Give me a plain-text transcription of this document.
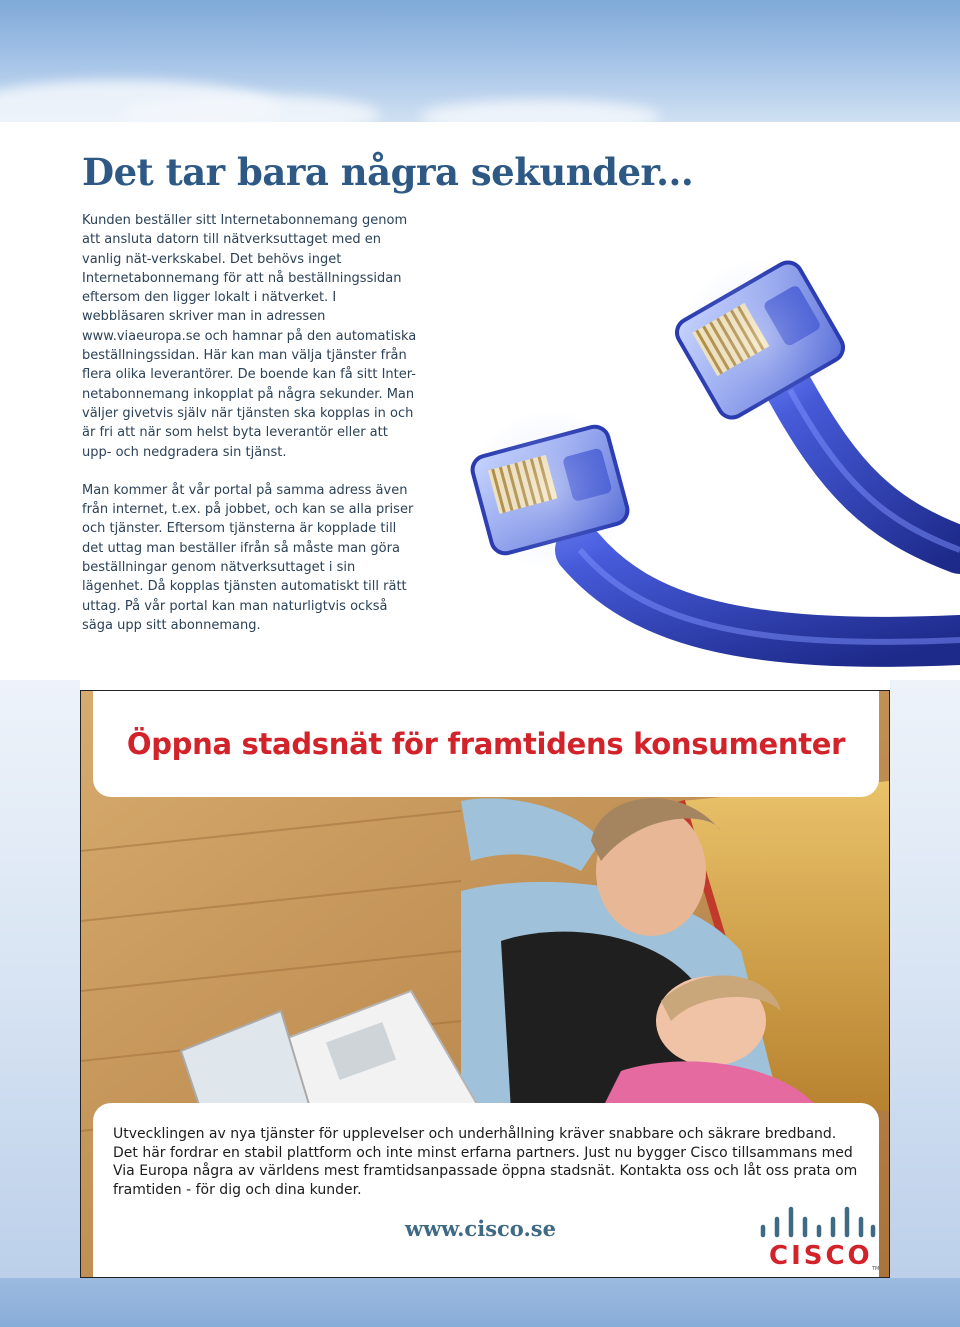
Det tar bara några sekunder...

Kunden beställer sitt Internetabonnemang genom att ansluta datorn till nätverksuttaget med en vanlig nät-verkskabel. Det behövs inget Internetabonnemang för att nå beställningssidan eftersom den ligger lokalt i nätverket. I webbläsaren skriver man in adressen www.viaeuropa.se och hamnar på den automatiska beställningssidan. Här kan man välja tjänster från flera olika leverantörer. De boende kan få sitt Inter-netabonnemang inkopplat på några sekunder. Man väljer givetvis själv när tjänsten ska kopplas in och är fri att när som helst byta leverantör eller att upp- och nedgradera sin tjänst.

Man kommer åt vår portal på samma adress även från internet, t.ex. på jobbet, och kan se alla priser och tjänster. Eftersom tjänsterna är kopplade till det uttag man beställer ifrån så måste man göra beställningar genom nätverksuttaget i sin lägenhet. Då kopplas tjänsten automatiskt till rätt uttag. På vår portal kan man naturligtvis också säga upp sitt abonnemang.

Öppna stadsnät för framtidens konsumenter
Utvecklingen av nya tjänster för upplevelser och underhållning kräver snabbare och säkrare bredband. Det här fordrar en stabil plattform och inte minst erfarna partners. Just nu bygger Cisco tillsammans med Via Europa några av världens mest framtidsanpassade öppna stadsnät. Kontakta oss och låt oss prata om framtiden - för dig och dina kunder.
www.cisco.se
CISCO TM
